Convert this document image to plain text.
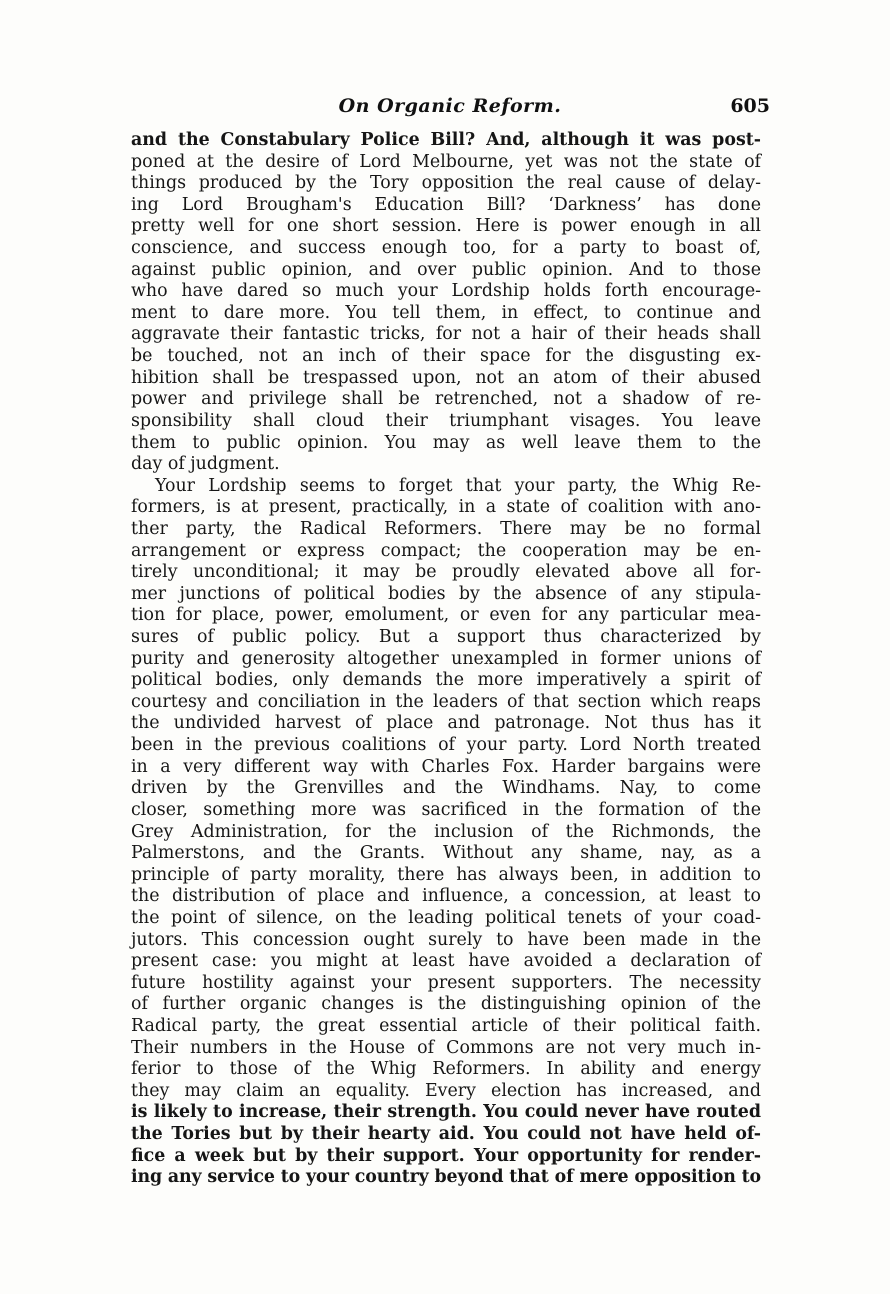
On Organic Reform.	605
and the Constabulary Police Bill? And, although it was post-
poned at the desire of Lord Melbourne, yet was not the state of
things produced by the Tory opposition the real cause of delay-
ing Lord Brougham's Education Bill? ‘Darkness’ has done
pretty well for one short session. Here is power enough in all
conscience, and success enough too, for a party to boast of,
against public opinion, and over public opinion. And to those
who have dared so much your Lordship holds forth encourage-
ment to dare more. You tell them, in effect, to continue and
aggravate their fantastic tricks, for not a hair of their heads shall
be touched, not an inch of their space for the disgusting ex-
hibition shall be trespassed upon, not an atom of their abused
power and privilege shall be retrenched, not a shadow of re-
sponsibility shall cloud their triumphant visages. You leave
them to public opinion. You may as well leave them to the
day of judgment.
Your Lordship seems to forget that your party, the Whig Re-
formers, is at present, practically, in a state of coalition with ano-
ther party, the Radical Reformers. There may be no formal
arrangement or express compact; the cooperation may be en-
tirely unconditional; it may be proudly elevated above all for-
mer junctions of political bodies by the absence of any stipula-
tion for place, power, emolument, or even for any particular mea-
sures of public policy. But a support thus characterized by
purity and generosity altogether unexampled in former unions of
political bodies, only demands the more imperatively a spirit of
courtesy and conciliation in the leaders of that section which reaps
the undivided harvest of place and patronage. Not thus has it
been in the previous coalitions of your party. Lord North treated
in a very different way with Charles Fox. Harder bargains were
driven by the Grenvilles and the Windhams. Nay, to come
closer, something more was sacrificed in the formation of the
Grey Administration, for the inclusion of the Richmonds, the
Palmerstons, and the Grants. Without any shame, nay, as a
principle of party morality, there has always been, in addition to
the distribution of place and influence, a concession, at least to
the point of silence, on the leading political tenets of your coad-
jutors. This concession ought surely to have been made in the
present case: you might at least have avoided a declaration of
future hostility against your present supporters. The necessity
of further organic changes is the distinguishing opinion of the
Radical party, the great essential article of their political faith.
Their numbers in the House of Commons are not very much in-
ferior to those of the Whig Reformers. In ability and energy
they may claim an equality. Every election has increased, and
is likely to increase, their strength. You could never have routed
the Tories but by their hearty aid. You could not have held of-
fice a week but by their support. Your opportunity for render-
ing any service to your country beyond that of mere opposition to
